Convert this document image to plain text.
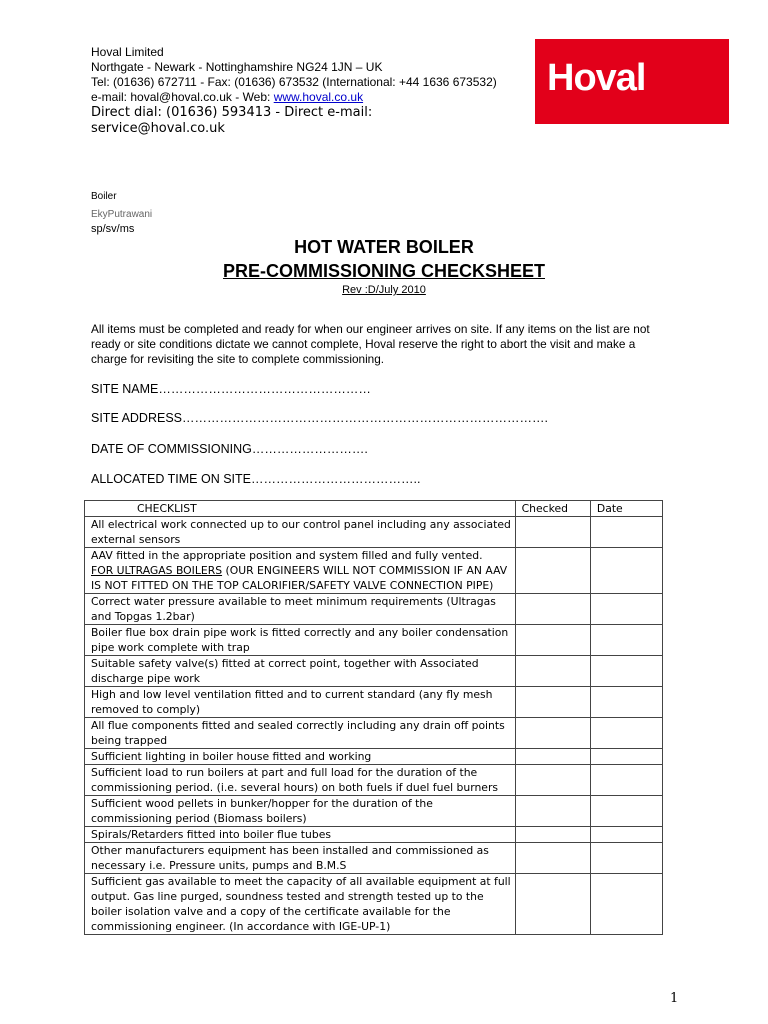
Hoval Limited
Northgate - Newark - Nottinghamshire NG24 1JN – UK
Tel: (01636) 672711 - Fax: (01636) 673532 (International: +44 1636 673532)
e-mail: hoval@hoval.co.uk - Web: www.hoval.co.uk
Direct dial: (01636) 593413 - Direct e-mail:
service@hoval.co.uk
Hoval
Boiler
EkyPutrawani
sp/sv/ms
HOT WATER BOILER
PRE-COMMISSIONING CHECKSHEET
Rev :D/July 2010
All items must be completed and ready for when our engineer arrives on site. If any items on the list are not ready or site conditions dictate we cannot complete, Hoval reserve the right to abort the visit and make a charge for revisiting the site to complete commissioning.
SITE NAME……………………………………………
SITE ADDRESS…………………………………………………………………………….
DATE OF COMMISSIONING……………………….
ALLOCATED TIME ON SITE…………………………………..
CHECKLIST	Checked	Date
All electrical work connected up to our control panel including any associated external sensors		
AAV fitted in the appropriate position and system filled and fully vented.
FOR ULTRAGAS BOILERS (OUR ENGINEERS WILL NOT COMMISSION IF AN AAV IS NOT FITTED ON THE TOP CALORIFIER/SAFETY VALVE CONNECTION PIPE)		
Correct water pressure available to meet minimum requirements (Ultragas and Topgas 1.2bar)		
Boiler flue box drain pipe work is fitted correctly and any boiler condensation pipe work complete with trap		
Suitable safety valve(s) fitted at correct point, together with Associated discharge pipe work		
High and low level ventilation fitted and to current standard (any fly mesh removed to comply)		
All flue components fitted and sealed correctly including any drain off points being trapped		
Sufficient lighting in boiler house fitted and working		
Sufficient load to run boilers at part and full load for the duration of the commissioning period. (i.e. several hours) on both fuels if duel fuel burners		
Sufficient wood pellets in bunker/hopper for the duration of the commissioning period (Biomass boilers)		
Spirals/Retarders fitted into boiler flue tubes		
Other manufacturers equipment has been installed and commissioned as necessary i.e. Pressure units, pumps and B.M.S		
Sufficient gas available to meet the capacity of all available equipment at full output. Gas line purged, soundness tested and strength tested up to the boiler isolation valve and a copy of the certificate available for the commissioning engineer. (In accordance with IGE-UP-1)		
1
